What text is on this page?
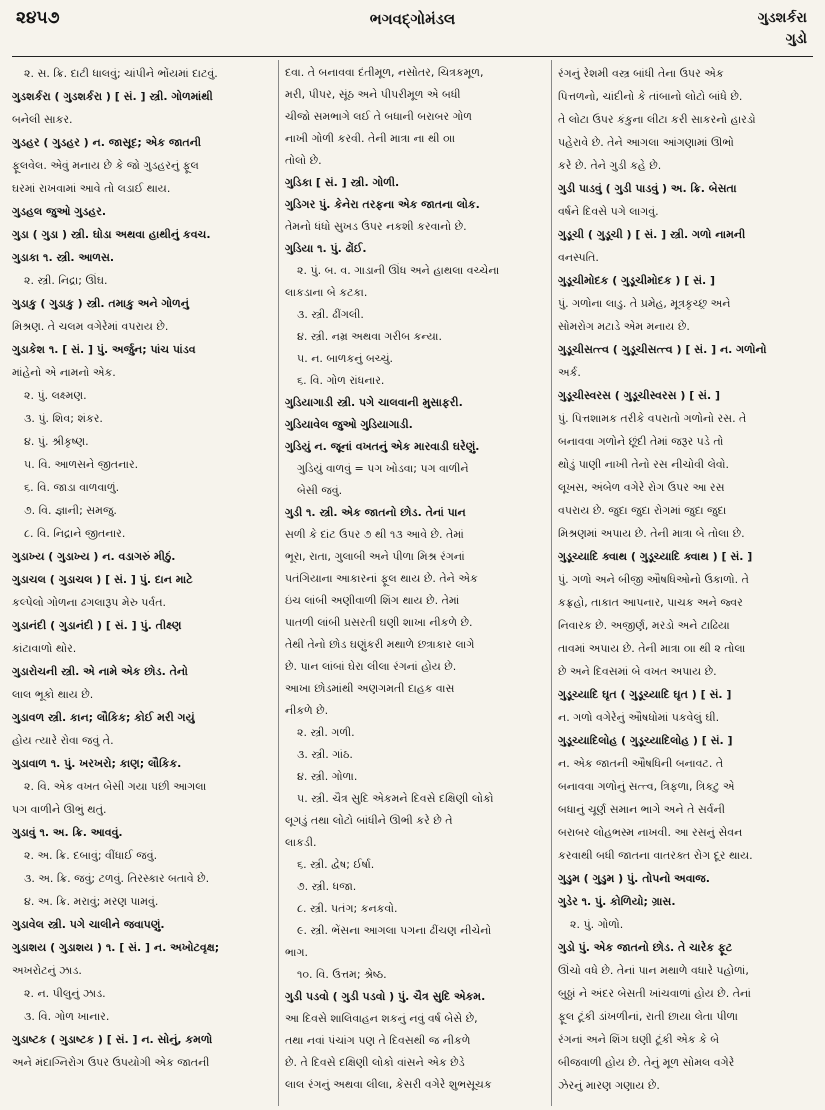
૨૪૫૭	ભગવદ્ગોમંડલ	ગુડશર્કરા
ગુડો
૨. સ. ક્રિ. દાટી ધાલવું; ચાંપીને ભોંયમાં દાટવું.
ગુડશર્કરા ( ગુડશર્કરા ) [ સં. ] સ્ત્રી. ગોળમાંથી
બનેલી સાકર.
ગુડહર ( ગુડહર ) ન. જાસૂદ; એક જાતની
ફૂલવેલ. એવું મનાય છે કે જો ગુડહરનું ફૂલ
ઘરમાં રાખવામાં આવે તો લડાઈ થાય.
ગુડહલ જુઓ ગુડહર.
ગુડા ( ગુડા ) સ્ત્રી. ઘોડા અથવા હાથીનું કવચ.
ગુડાકા ૧. સ્ત્રી. આળસ.
૨. સ્ત્રી. નિદ્રા; ઊંઘ.
ગુડાકુ ( ગુડાકુ ) સ્ત્રી. તમાકુ અને ગોળનું
મિશ્રણ. તે ચલમ વગેરેમાં વપરાય છે.
ગુડાકેશ ૧. [ સં. ] પું. અર્જુન; પાંચ પાંડવ
માંહેનો એ નામનો એક.
૨. પું. લક્ષ્મણ.
૩. પું. શિવ; શંકર.
૪. પું. શ્રીકૃષ્ણ.
૫. વિ. આળસને જીતનાર.
૬. વિ. જાડા વાળવાળું.
૭. વિ. જ્ઞાની; સમજુ.
૮. વિ. નિદ્રાને જીતનાર.
ગુડાખ્ય ( ગુડાખ્ય ) ન. વડાગરું મીઠું.
ગુડાચલ ( ગુડાચલ ) [ સં. ] પું. દાન માટે
કલ્પેલો ગોળના ઢગલારૂપ મેરુ પર્વત.
ગુડાનંદી ( ગુડાનંદી ) [ સં. ] પું. તીક્ષ્ણ
કાંટાવાળો થોર.
ગુડારોચની સ્ત્રી. એ નામે એક છોડ. તેનો
લાલ ભૂકો થાય છે.
ગુડાવળ સ્ત્રી. કાન; લૌકિક; કોઈ મરી ગયું
હોય ત્યારે રોવા જવું તે.
ગુડાવાળ ૧. પું. ખરખરો; કાણ; લૌકિક.
૨. વિ. એક વખત બેસી ગયા પછી આગલા
પગ વાળીને ઊભું થતું.
ગુડાવું ૧. અ. ક્રિ. આવવું.
૨. અ. ક્રિ. દબાવું; વીંધાઈ જવું.
૩. અ. ક્રિ. જવું; ટળવું. તિરસ્કાર બતાવે છે.
૪. અ. ક્રિ. મરાવું; મરણ પામવું.
ગુડાવેલ સ્ત્રી. પગે ચાલીને જવાપણું.
ગુડાશય ( ગુડાશય ) ૧. [ સં. ] ન. અખોટવૃક્ષ;
અખરોટનું ઝાડ.
૨. ન. પીલુનું ઝાડ.
૩. વિ. ગોળ ખાનાર.
ગુડાષ્ટક ( ગુડાષ્ટક ) [ સં. ] ન. સોનું, કમળો
અને મંદાગ્નિરોગ ઉપર ઉપયોગી એક જાતની
દવા. તે બનાવવા દંતીમૂળ, નસોતર, ચિત્રકમૂળ,
મરી, પીપર, સૂંઠ અને પીપરીમૂળ એ બધી
ચીજો સમભાગે લઈ તે બધાની બરાબર ગોળ
નાખી ગોળી કરવી. તેની માત્રા ના થી ૦ાા
તોલો છે.
ગુડિકા [ સં. ] સ્ત્રી. ગોળી.
ગુડિગર પું. કેનેરા તરફના એક જાતના લોક.
તેમનો ધંધો સુખડ ઉપર નકશી કરવાનો છે.
ગુડિયા ૧. પું. ઢોંઈ.
૨. પું. બ. વ. ગાડાની ઊંધ અને હાથલા વચ્ચેના
લાકડાના બે કટકા.
૩. સ્ત્રી. ઢીંગલી.
૪. સ્ત્રી. નમ્ર અથવા ગરીબ કન્યા.
૫. ન. બાળકનું બચ્ચું.
૬. વિ. ગોળ રાંધનાર.
ગુડિયાગાડી સ્ત્રી. પગે ચાલવાની મુસાફરી.
ગુડિયાવેલ જુઓ ગુડિયાગાડી.
ગુડિયું ન. જૂનાં વખતનું એક મારવાડી ઘરેણું.
ગુડિયું વાળવું = પગ ખોડવા; પગ વાળીને
બેસી જવું.
ગુડી ૧. સ્ત્રી. એક જાતનો છોડ. તેનાં પાન
સળી કે દાંટ ઉપર ૭ થી ૧૩ આવે છે. તેમાં
ભૂરા, રાતા, ગુલાબી અને પીળા મિશ્ર રંગનાં
પતંગિયાના આકારનાં ફૂલ થાય છે. તેને એક
ઇંચ લાંબી અણીવાળી શિંગ થાય છે. તેમાં
પાતળી લાંબી પ્રસરતી ઘણી શાખા નીકળે છે.
તેથી તેનો છોડ ઘણુંકરી મથાળે છત્રાકાર લાગે
છે. પાન લાંબાં ઘેરા લીલા રંગનાં હોય છે.
આખા છોડમાંથી અણગમતી દાહક વાસ
નીકળે છે.
૨. સ્ત્રી. ગળી.
૩. સ્ત્રી. ગાંઠ.
૪. સ્ત્રી. ગોળા.
૫. સ્ત્રી. ચૈત્ર સુદિ એકમને દિવસે દક્ષિણી લોકો
લૂગડું તથા લોટો બાંધીને ઊભી કરે છે તે
લાકડી.
૬. સ્ત્રી. દ્વેષ; ઈર્ષા.
૭. સ્ત્રી. ધજા.
૮. સ્ત્રી. પતંગ; કનકવો.
૯. સ્ત્રી. ભેંસના આગલા પગના ઢીંચણ નીચેનો
ભાગ.
૧૦. વિ. ઉત્તમ; શ્રેષ્ઠ.
ગુડી પડવો ( ગુડી પડવો ) પું. ચૈત્ર સુદિ એકમ.
આ દિવસે શાલિવાહન શકનું નવું વર્ષ બેસે છે,
તથા નવાં પંચાંગ પણ તે દિવસથી જ નીકળે
છે. તે દિવસે દક્ષિણી લોકો વાંસને એક છેડે
લાલ રંગનું અથવા લીલા, કેસરી વગેરે શુભસૂચક
રંગનું રેશમી વસ્ત્ર બાંધી તેના ઉપર એક
પિત્તળનો, ચાંદીનો કે તાંબાનો લોટો બાંધે છે.
તે લોટા ઉપર કંકુના લીટા કરી સાકરનો હારડો
પહેરાવે છે. તેને આગલા આંગણામાં ઊભો
કરે છે. તેને ગુડી કહે છે.
ગુડી પાડવું ( ગુડી પાડવું ) અ. ક્રિ. બેસતા
વર્ષને દિવસે પગે લાગવું.
ગુડૂચી ( ગુડૂચી ) [ સં. ] સ્ત્રી. ગળો નામની
વનસ્પતિ.
ગુડૂચીમોદક ( ગુડૂચીમોદક ) [ સં. ]
પું. ગળોના લાડુ. તે પ્રમેહ, મૂત્રકૃચ્છ્ર અને
સોમરોગ મટાડે એમ મનાય છે.
ગુડૂચીસત્ત્વ ( ગુડૂચીસત્ત્વ ) [ સં. ] ન. ગળોનો
અર્ક.
ગુડૂચીસ્વરસ ( ગુડૂચીસ્વરસ ) [ સં. ]
પું. પિત્તશામક તરીકે વપરાતો ગળોનો રસ. તે
બનાવવા ગળોને છૂંદી તેમાં જરૂર પડે તો
થોડું પાણી નાખી તેનો રસ નીચોવી લેવો.
લૂખસ, અંબેળ વગેરે રોગ ઉપર આ રસ
વપરાય છે. જુદા જુદા રોગમાં જુદા જુદા
મિશ્રણમાં અપાય છે. તેની માત્રા બે તોલા છે.
ગુડૂચ્યાદિ ક્વાથ ( ગુડૂચ્યાદિ ક્વાથ ) [ સં. ]
પું. ગળો અને બીજી ઔષધિઓનો ઉકાળો. તે
કફ્રહો, તાકાત આપનાર, પાચક અને જ્વર
નિવારક છે. અજીર્ણ, મરડો અને ટાઢિયા
તાવમાં અપાય છે. તેની માત્રા ૦ાા થી ૨ તોલા
છે અને દિવસમાં બે વખત અપાય છે.
ગુડૂચ્યાદિ ઘૃત ( ગુડૂચ્યાદિ ઘૃત ) [ સં. ]
ન. ગળો વગેરેનું ઔષધોમાં પકવેલું ઘી.
ગુડૂચ્યાદિલોહ ( ગુડૂચ્યાદિલોહ ) [ સં. ]
ન. એક જાતની ઔષધિની બનાવટ. તે
બનાવવા ગળોનું સત્ત્વ, ત્રિફળા, ત્રિકટુ એ
બધાનું ચૂર્ણ સમાન ભાગે અને તે સર્વની
બરાબર લોહભસ્મ નાખવી. આ રસનું સેવન
કરવાથી બધી જાતના વાતરક્ત રોગ દૂર થાય.
ગુડુમ ( ગુડુમ ) પું. તોપનો અવાજ.
ગુડેર ૧. પું. કોળિયો; ગ્રાસ.
૨. પું. ગોળો.
ગુડો પું. એક જાતનો છોડ. તે ચારેક ફૂટ
ઊંચો વધે છે. તેનાં પાન મથાળે વધારે પહોળાં,
બુઠ્ઠાં ને અંદર બેસતી ખાંચવાળાં હોય છે. તેનાં
ફૂલ ટૂંકી ડાંખળીનાં, રાતી છાયા લેતા પીળા
રંગનાં અને શિંગ ઘણી ટૂંકી એક કે બે
બીજવાળી હોય છે. તેનું મૂળ સોમલ વગેરે
ઝેરનું મારણ ગણાય છે.
